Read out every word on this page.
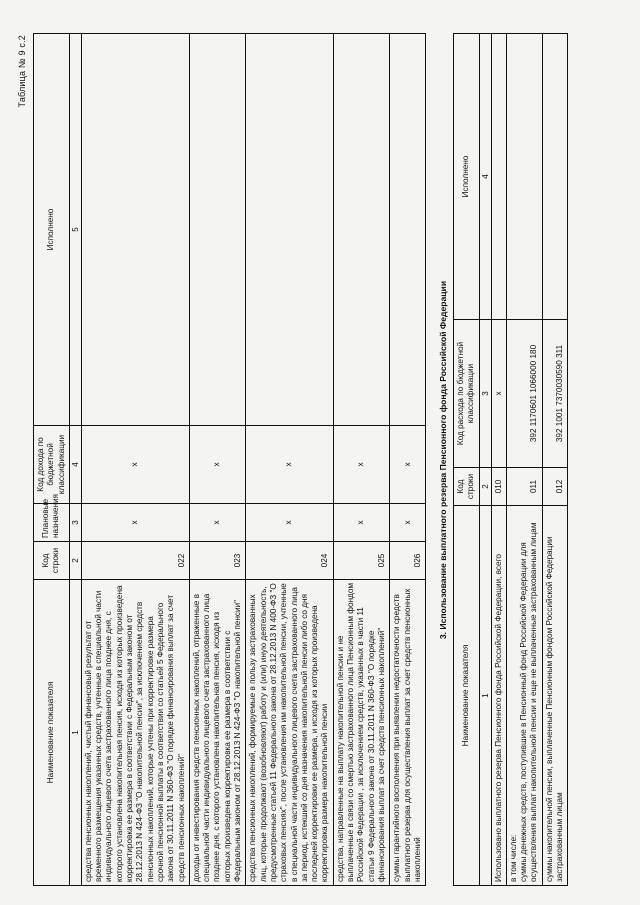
Таблица № 9 с.2
Наименование показателя	Код строки	Плановые назначения	Код дохода по бюджетной классификации	Исполнено
1	2	3	4	5
средства пенсионных накоплений, чистый финансовый результат от временного размещения указанных средств, учтенные в специальной части индивидуального лицевого счета застрахованного лица позднее дня, с которого установлена накопительная пенсия, исходя из которых произведена корректировка ее размера в соответствии с Федеральным законом от 28.12.2013 N 424-ФЗ "О накопительной пенсии", за исключением средств пенсионных накоплений, которые учтены при корректировке размера срочной пенсионной выплаты в соответствии со статьей 5 Федерального закона от 30.11.2011 N 360-ФЗ "О порядке финансирования выплат за счет средств пенсионных накоплений"	022	x	x	
доходы от инвестирования средств пенсионных накоплений, отраженные в специальной части индивидуального лицевого счета застрахованного лица позднее дня, с которого установлена накопительная пенсия, исходя из которых произведена корректировка ее размера в соответствии с Федеральным законом от 28.12.2013 N 424-ФЗ "О накопительной пенсии"	023	x	x	
средства пенсионных накоплений, формируемые в пользу застрахованных лиц, которые продолжают (возобновляют) работу и (или) иную деятельность, предусмотренные статьей 11 Федерального закона от 28.12.2013 N 400-ФЗ "О страховых пенсиях", после установления им накопительной пенсии, учтенные в специальной части индивидуального лицевого счета застрахованного лица за период, истекший со дня назначения накопительной пенсии либо со дня последней корректировки ее размера, и исходя из которых произведена корректировка размера накопительной пенсии	024	x	x	
средства, направленные на выплату накопительной пенсии и не выплаченные в связи со смертью застрахованного лица Пенсионным фондом Российской Федерации , за исключением средств, указанных в части 11 статьи 9 Федерального закона от 30.11.2011 N 360-ФЗ "О порядке финансирования выплат за счет средств пенсионных накоплений"	025	x	x	
суммы гарантийного восполнения при выявлении недостаточности средств выплатного резерва для осуществления выплат за счет средств пенсионных накоплений	026	x	x		3. Использование выплатного резерва Пенсионного фонда Российской Федерации
Наименование показателя	Код строки	Код расхода по бюджетной классификации	Исполнено
1	2	3	4
Использовано выплатного резерва Пенсионного фонда Российской Федерации, всего	010	x	
в том числе:
суммы денежных средств, поступившие в Пенсионный фонд Российской Федерации для осуществления выплат накопительной пенсии и еще не выплаченные застрахованным лицам	011	392 1170601 1066000 180	
суммы накопительной пенсии, выплаченные Пенсионным фондом Российской Федерации застрахованным лицам	012	392 1001 7370030590 311	
